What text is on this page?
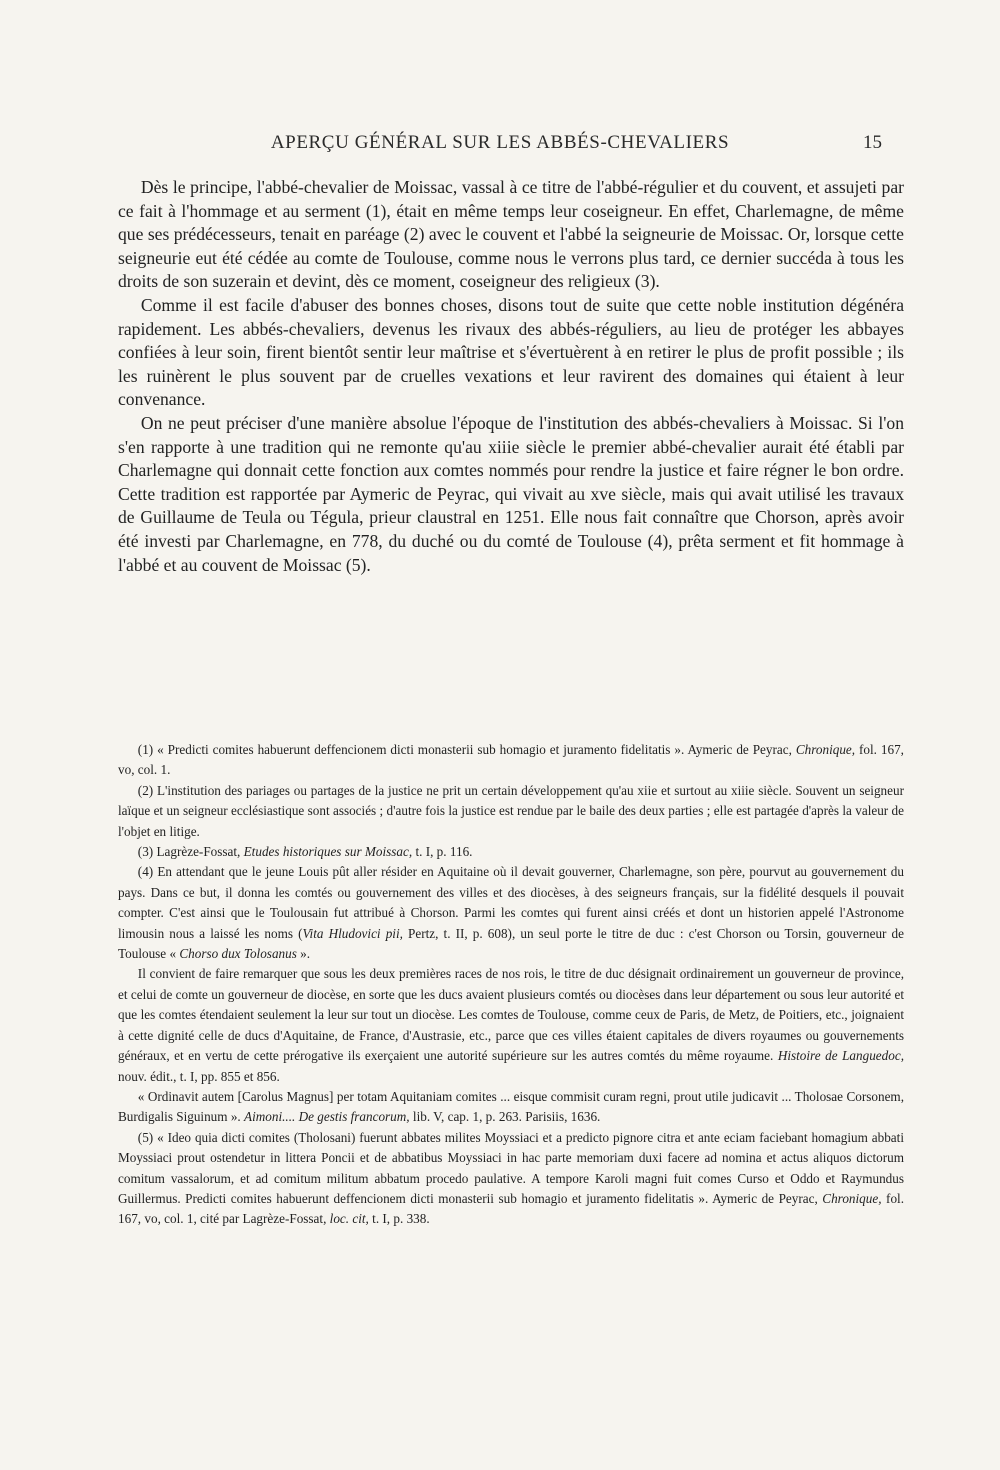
APERÇU GÉNÉRAL SUR LES ABBÉS-CHEVALIERS	15

Dès le principe, l'abbé-chevalier de Moissac, vassal à ce titre de l'abbé-régulier et du couvent, et assujeti par ce fait à l'hommage et au serment (1), était en même temps leur coseigneur. En effet, Charlemagne, de même que ses prédécesseurs, tenait en paréage (2) avec le couvent et l'abbé la seigneurie de Moissac. Or, lorsque cette seigneurie eut été cédée au comte de Toulouse, comme nous le verrons plus tard, ce dernier succéda à tous les droits de son suzerain et devint, dès ce moment, coseigneur des religieux (3).

Comme il est facile d'abuser des bonnes choses, disons tout de suite que cette noble institution dégénéra rapidement. Les abbés-chevaliers, devenus les rivaux des abbés-réguliers, au lieu de protéger les abbayes confiées à leur soin, firent bientôt sentir leur maîtrise et s'évertuèrent à en retirer le plus de profit possible ; ils les ruinèrent le plus souvent par de cruelles vexations et leur ravirent des domaines qui étaient à leur convenance.

On ne peut préciser d'une manière absolue l'époque de l'institution des abbés-chevaliers à Moissac. Si l'on s'en rapporte à une tradition qui ne remonte qu'au xiiie siècle le premier abbé-chevalier aurait été établi par Charlemagne qui donnait cette fonction aux comtes nommés pour rendre la justice et faire régner le bon ordre. Cette tradition est rapportée par Aymeric de Peyrac, qui vivait au xve siècle, mais qui avait utilisé les travaux de Guillaume de Teula ou Tégula, prieur claustral en 1251. Elle nous fait connaître que Chorson, après avoir été investi par Charlemagne, en 778, du duché ou du comté de Toulouse (4), prêta serment et fit hommage à l'abbé et au couvent de Moissac (5).

(1) « Predicti comites habuerunt deffencionem dicti monasterii sub homagio et juramento fidelitatis ». Aymeric de Peyrac, Chronique, fol. 167, vo, col. 1.

(2) L'institution des pariages ou partages de la justice ne prit un certain développement qu'au xiie et surtout au xiiie siècle. Souvent un seigneur laïque et un seigneur ecclésiastique sont associés ; d'autre fois la justice est rendue par le baile des deux parties ; elle est partagée d'après la valeur de l'objet en litige.

(3) Lagrèze-Fossat, Etudes historiques sur Moissac, t. I, p. 116.

(4) En attendant que le jeune Louis pût aller résider en Aquitaine où il devait gouverner, Charlemagne, son père, pourvut au gouvernement du pays. Dans ce but, il donna les comtés ou gouvernement des villes et des diocèses, à des seigneurs français, sur la fidélité desquels il pouvait compter. C'est ainsi que le Toulousain fut attribué à Chorson. Parmi les comtes qui furent ainsi créés et dont un historien appelé l'Astronome limousin nous a laissé les noms (Vita Hludovici pii, Pertz, t. II, p. 608), un seul porte le titre de duc : c'est Chorson ou Torsin, gouverneur de Toulouse « Chorso dux Tolosanus ».

Il convient de faire remarquer que sous les deux premières races de nos rois, le titre de duc désignait ordinairement un gouverneur de province, et celui de comte un gouverneur de diocèse, en sorte que les ducs avaient plusieurs comtés ou diocèses dans leur département ou sous leur autorité et que les comtes étendaient seulement la leur sur tout un diocèse. Les comtes de Toulouse, comme ceux de Paris, de Metz, de Poitiers, etc., joignaient à cette dignité celle de ducs d'Aquitaine, de France, d'Austrasie, etc., parce que ces villes étaient capitales de divers royaumes ou gouvernements généraux, et en vertu de cette prérogative ils exerçaient une autorité supérieure sur les autres comtés du même royaume. Histoire de Languedoc, nouv. édit., t. I, pp. 855 et 856.

« Ordinavit autem [Carolus Magnus] per totam Aquitaniam comites ... eisque commisit curam regni, prout utile judicavit ... Tholosae Corsonem, Burdigalis Siguinum ». Aimoni.... De gestis francorum, lib. V, cap. 1, p. 263. Parisiis, 1636.

(5) « Ideo quia dicti comites (Tholosani) fuerunt abbates milites Moyssiaci et a predicto pignore citra et ante eciam faciebant homagium abbati Moyssiaci prout ostendetur in littera Poncii et de abbatibus Moyssiaci in hac parte memoriam duxi facere ad nomina et actus aliquos dictorum comitum vassalorum, et ad comitum militum abbatum procedo paulative. A tempore Karoli magni fuit comes Curso et Oddo et Raymundus Guillermus. Predicti comites habuerunt deffencionem dicti monasterii sub homagio et juramento fidelitatis ». Aymeric de Peyrac, Chronique, fol. 167, vo, col. 1, cité par Lagrèze-Fossat, loc. cit, t. I, p. 338.
